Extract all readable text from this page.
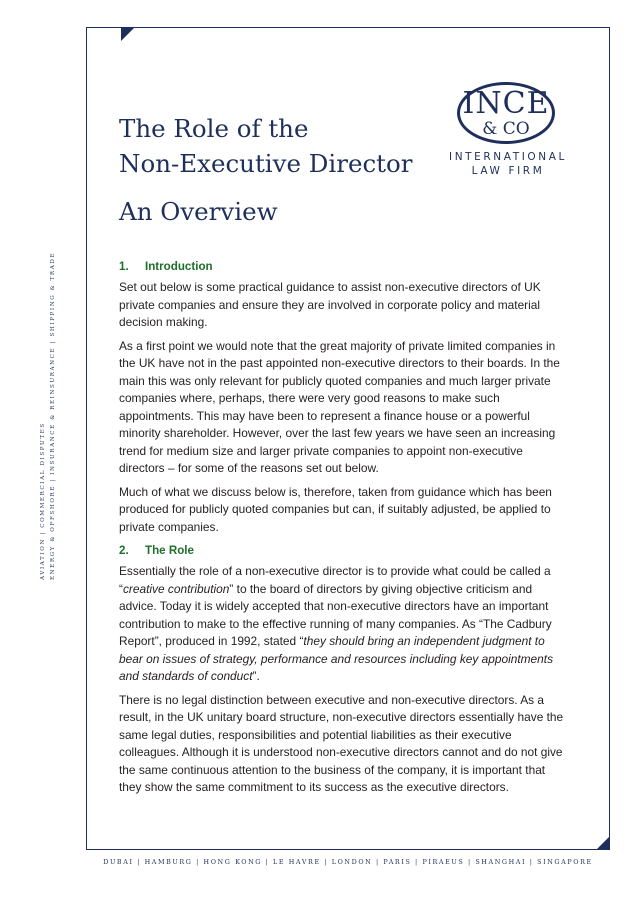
AVIATION | COMMERCIAL DISPUTES ENERGY & OFFSHORE | INSURANCE & REINSURANCE | SHIPPING & TRADE
INCE
& CO
INTERNATIONAL
LAW FIRM
The Role of the
Non-Executive Director
An Overview
1.	Introduction

Set out below is some practical guidance to assist non-executive directors of UK private companies and ensure they are involved in corporate policy and material decision making.

As a first point we would note that the great majority of private limited companies in the UK have not in the past appointed non-executive directors to their boards. In the main this was only relevant for publicly quoted companies and much larger private companies where, perhaps, there were very good reasons to make such appointments. This may have been to represent a finance house or a powerful minority shareholder. However, over the last few years we have seen an increasing trend for medium size and larger private companies to appoint non-executive directors – for some of the reasons set out below.

Much of what we discuss below is, therefore, taken from guidance which has been produced for publicly quoted companies but can, if suitably adjusted, be applied to private companies.

2.	The Role

Essentially the role of a non-executive director is to provide what could be called a “creative contribution” to the board of directors by giving objective criticism and advice. Today it is widely accepted that non-executive directors have an important contribution to make to the effective running of many companies. As “The Cadbury Report”, produced in 1992, stated “they should bring an independent judgment to bear on issues of strategy, performance and resources including key appointments and standards of conduct”.

There is no legal distinction between executive and non-executive directors. As a result, in the UK unitary board structure, non-executive directors essentially have the same legal duties, responsibilities and potential liabilities as their executive colleagues. Although it is understood non-executive directors cannot and do not give the same continuous attention to the business of the company, it is important that they show the same commitment to its success as the executive directors.

DUBAI | HAMBURG | HONG KONG | LE HAVRE | LONDON | PARIS | PIRAEUS | SHANGHAI | SINGAPORE
